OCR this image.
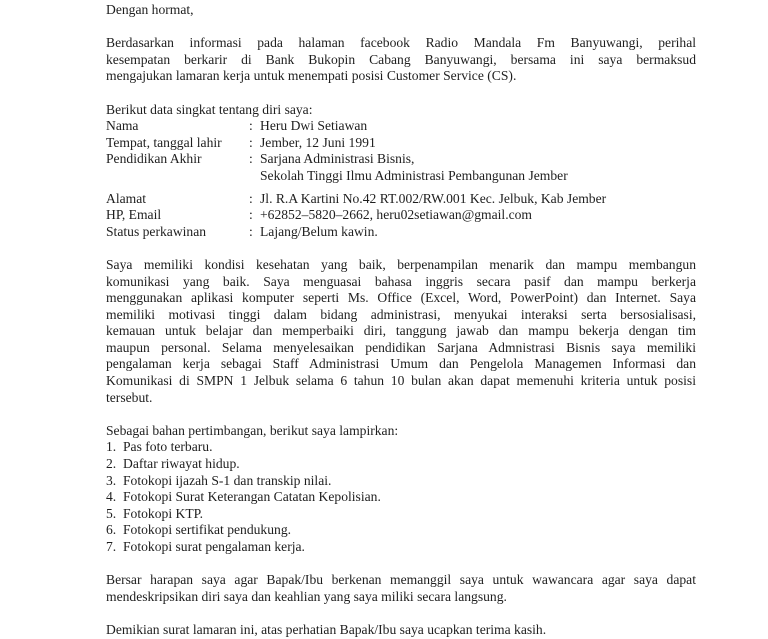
Dengan hormat,
Berdasarkan informasi pada halaman facebook Radio Mandala Fm Banyuwangi, perihal
kesempatan berkarir di Bank Bukopin Cabang Banyuwangi, bersama ini saya bermaksud
mengajukan lamaran kerja untuk menempati posisi Customer Service (CS).
Berikut data singkat tentang diri saya:
Nama	: Heru Dwi Setiawan
Tempat, tanggal lahir	: Jember, 12 Juni 1991
Pendidikan Akhir	: Sarjana Administrasi Bisnis,
Sekolah Tinggi Ilmu Administrasi Pembangunan Jember
Alamat	: Jl. R.A Kartini No.42 RT.002/RW.001 Kec. Jelbuk, Kab Jember
HP, Email	: +62852–5820–2662, heru02setiawan@gmail.com
Status perkawinan	: Lajang/Belum kawin.
Saya memiliki kondisi kesehatan yang baik, berpenampilan menarik dan mampu membangun
komunikasi yang baik. Saya menguasai bahasa inggris secara pasif dan mampu berkerja
menggunakan aplikasi komputer seperti Ms. Office (Excel, Word, PowerPoint) dan Internet. Saya
memiliki motivasi tinggi dalam bidang administrasi, menyukai interaksi serta bersosialisasi,
kemauan untuk belajar dan memperbaiki diri, tanggung jawab dan mampu bekerja dengan tim
maupun personal. Selama menyelesaikan pendidikan Sarjana Admnistrasi Bisnis saya memiliki
pengalaman kerja sebagai Staff Administrasi Umum dan Pengelola Managemen Informasi dan
Komunikasi di SMPN 1 Jelbuk selama 6 tahun 10 bulan akan dapat memenuhi kriteria untuk posisi
tersebut.
Sebagai bahan pertimbangan, berikut saya lampirkan:
1. Pas foto terbaru.
2. Daftar riwayat hidup.
3. Fotokopi ijazah S-1 dan transkip nilai.
4. Fotokopi Surat Keterangan Catatan Kepolisian.
5. Fotokopi KTP.
6. Fotokopi sertifikat pendukung.
7. Fotokopi surat pengalaman kerja.
Bersar harapan saya agar Bapak/Ibu berkenan memanggil saya untuk wawancara agar saya dapat
mendeskripsikan diri saya dan keahlian yang saya miliki secara langsung.
Demikian surat lamaran ini, atas perhatian Bapak/Ibu saya ucapkan terima kasih.
